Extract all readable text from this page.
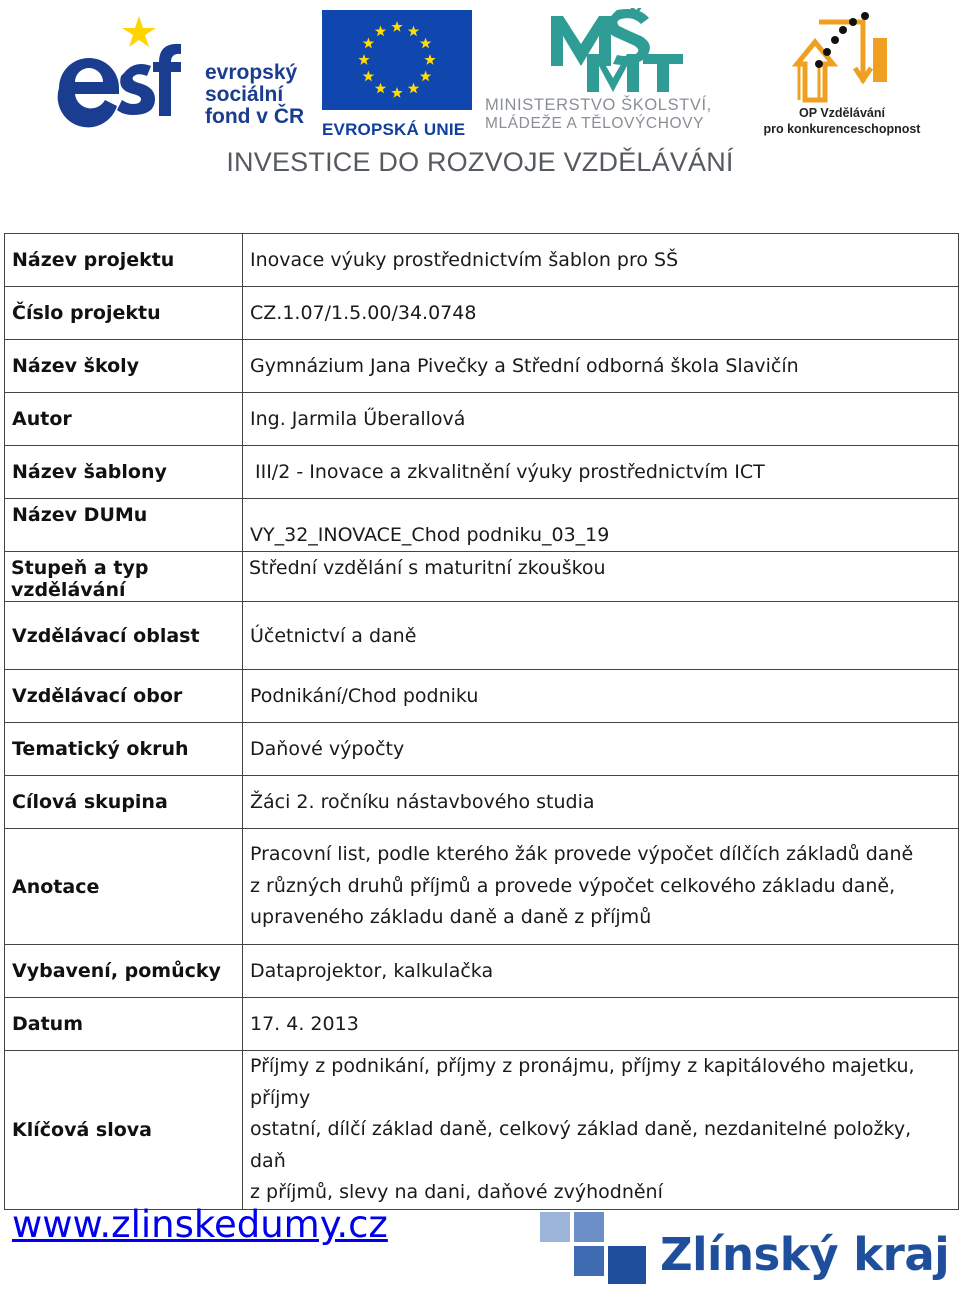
evropský
sociální
fond v ČR
EVROPSKÁ UNIE
MINISTERSTVO ŠKOLSTVÍ,
MLÁDEŽE A TĚLOVÝCHOVY
OP Vzdělávání
pro konkurenceschopnost
INVESTICE DO ROZVOJE VZDĚLÁVÁNÍ
Název projektu	Inovace výuky prostřednictvím šablon pro SŠ
Číslo projektu	CZ.1.07/1.5.00/34.0748
Název školy	Gymnázium Jana Pivečky a Střední odborná škola Slavičín
Autor	Ing. Jarmila Űberallová
Název šablony	III/2 - Inovace a zkvalitnění výuky prostřednictvím ICT
Název DUMu	VY_32_INOVACE_Chod podniku_03_19
Stupeň a typ vzdělávání	Střední vzdělání s maturitní zkouškou
Vzdělávací oblast	Účetnictví a daně
Vzdělávací obor	Podnikání/Chod podniku
Tematický okruh	Daňové výpočty
Cílová skupina	Žáci 2. ročníku nástavbového studia
Anotace	Pracovní list, podle kterého žák provede výpočet dílčích základů daně
z různých druhů příjmů a provede výpočet celkového základu daně,
upraveného základu daně a daně z příjmů

Vybavení, pomůcky	Dataprojektor, kalkulačka
Datum	17. 4. 2013
Klíčová slova	Příjmy z podnikání, příjmy z pronájmu, příjmy z kapitálového majetku, příjmy
ostatní, dílčí základ daně, celkový základ daně, nezdanitelné položky, daň
z příjmů, slevy na dani, daňové zvýhodnění
www.zlinskedumy.cz
Zlínský kraj
